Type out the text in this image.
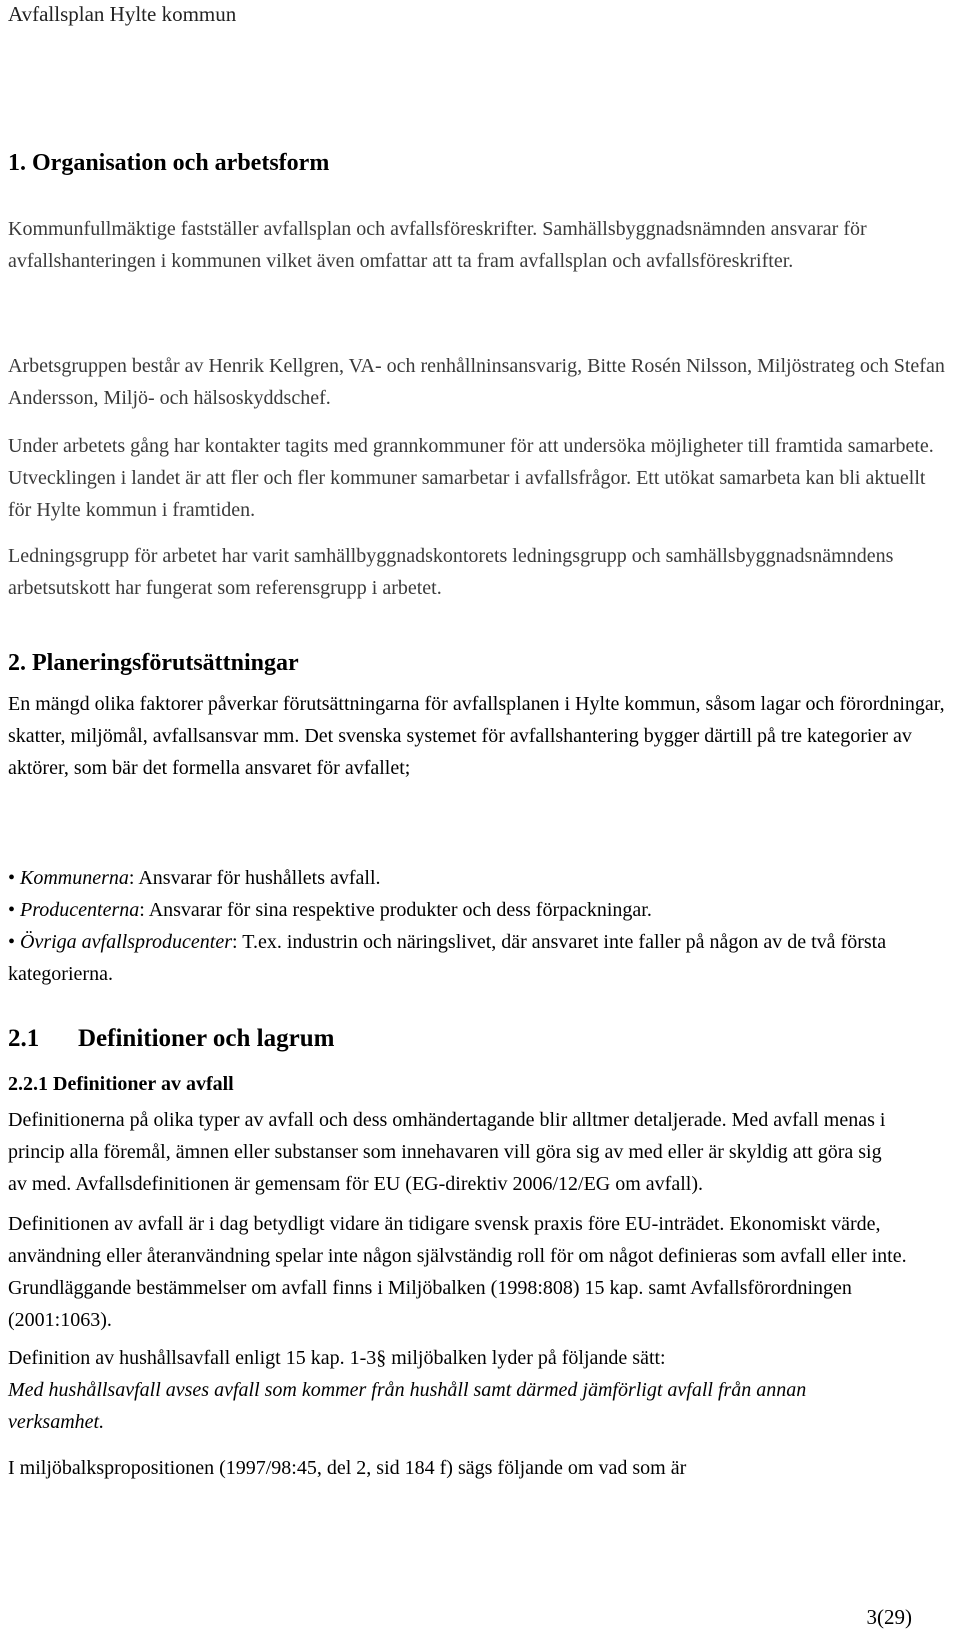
Avfallsplan Hylte kommun
1. Organisation och arbetsform
Kommunfullmäktige fastställer avfallsplan och avfallsföreskrifter. Samhällsbyggnadsnämnden ansvarar för avfallshanteringen i kommunen vilket även omfattar att ta fram avfallsplan och avfallsföreskrifter.
Arbetsgruppen består av Henrik Kellgren, VA- och renhållninsansvarig, Bitte Rosén Nilsson, Miljöstrateg och Stefan Andersson, Miljö- och hälsoskyddschef.
Under arbetets gång har kontakter tagits med grannkommuner för att undersöka möjligheter till framtida samarbete. Utvecklingen i landet är att fler och fler kommuner samarbetar i avfallsfrågor. Ett utökat samarbeta kan bli aktuellt för Hylte kommun i framtiden.
Ledningsgrupp för arbetet har varit samhällbyggnadskontorets ledningsgrupp och samhällsbyggnadsnämndens arbetsutskott har fungerat som referensgrupp i arbetet.
2. Planeringsförutsättningar
En mängd olika faktorer påverkar förutsättningarna för avfallsplanen i Hylte kommun, såsom lagar och förordningar, skatter, miljömål, avfallsansvar mm. Det svenska systemet för avfallshantering bygger därtill på tre kategorier av aktörer, som bär det formella ansvaret för avfallet;
• Kommunerna: Ansvarar för hushållets avfall.
• Producenterna: Ansvarar för sina respektive produkter och dess förpackningar.
• Övriga avfallsproducenter: T.ex. industrin och näringslivet, där ansvaret inte faller på någon av de två första kategorierna.
2.1 Definitioner och lagrum
2.2.1 Definitioner av avfall
Definitionerna på olika typer av avfall och dess omhändertagande blir alltmer detaljerade. Med avfall menas i princip alla föremål, ämnen eller substanser som innehavaren vill göra sig av med eller är skyldig att göra sig av med. Avfallsdefinitionen är gemensam för EU (EG-direktiv 2006/12/EG om avfall).
Definitionen av avfall är i dag betydligt vidare än tidigare svensk praxis före EU-inträdet. Ekonomiskt värde, användning eller återanvändning spelar inte någon självständig roll för om något definieras som avfall eller inte. Grundläggande bestämmelser om avfall finns i Miljöbalken (1998:808) 15 kap. samt Avfallsförordningen (2001:1063).
Definition av hushållsavfall enligt 15 kap. 1-3§ miljöbalken lyder på följande sätt:
Med hushållsavfall avses avfall som kommer från hushåll samt därmed jämförligt avfall från annan verksamhet.
I miljöbalkspropositionen (1997/98:45, del 2, sid 184 f) sägs följande om vad som är
3(29)
